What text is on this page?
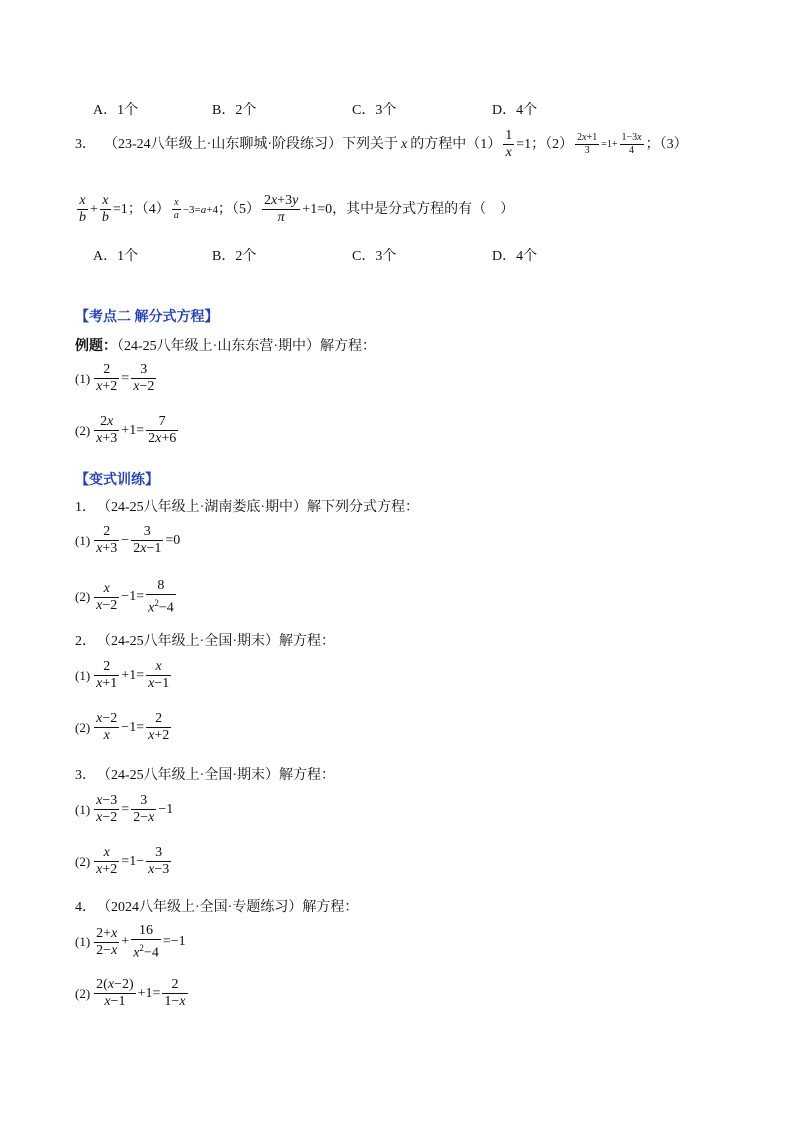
A．1个	B．2个	C．3个	D．4个
3． （23-24八年级上·山东聊城·阶段练习） 下列关于 x 的方程中$(1) \frac{1}{x} =1$ ；$(2) \frac{2x+1}{3} =1+ \frac{1-3x}{4}$ ；（3）
$\frac{x}{b} + \frac{x}{b} =1$ ；$(4) \frac{x}{a} -3=a+4$ ；$(5) \frac{2x+3y}{\pi} +1=0$ ，其中是分式方程的有（　）
A．1个	B．2个	C．3个	D．4个
【考点二 解分式方程】
例题：（24-25八年级上·山东东营·期中）解方程：
$(1) \frac{2}{x+2} = \frac{3}{x-2}$
$(2) \frac{2x}{x+3} +1= \frac{7}{2x+6}$
【变式训练】
1． （24-25八年级上·湖南娄底·期中）解下列分式方程：
$(1) \frac{2}{x+3} - \frac{3}{2x-1} =0$
$(2) \frac{x}{x-2} -1= \frac{8}{x^2-4}$
2． （24-25八年级上·全国·期末）解方程：
$(1) \frac{2}{x+1} +1= \frac{x}{x-1}$
$(2) \frac{x-2}{x} -1= \frac{2}{x+2}$
3． （24-25八年级上·全国·期末）解方程：
$(1) \frac{x-3}{x-2} = \frac{3}{2-x} -1$
$(2) \frac{x}{x+2} =1- \frac{3}{x-3}$
4． （2024八年级上·全国·专题练习）解方程：
$(1) \frac{2+x}{2-x} + \frac{16}{x^2-4} =-1$
$(2) \frac{2(x-2)}{x-1} +1= \frac{2}{1-x}$
